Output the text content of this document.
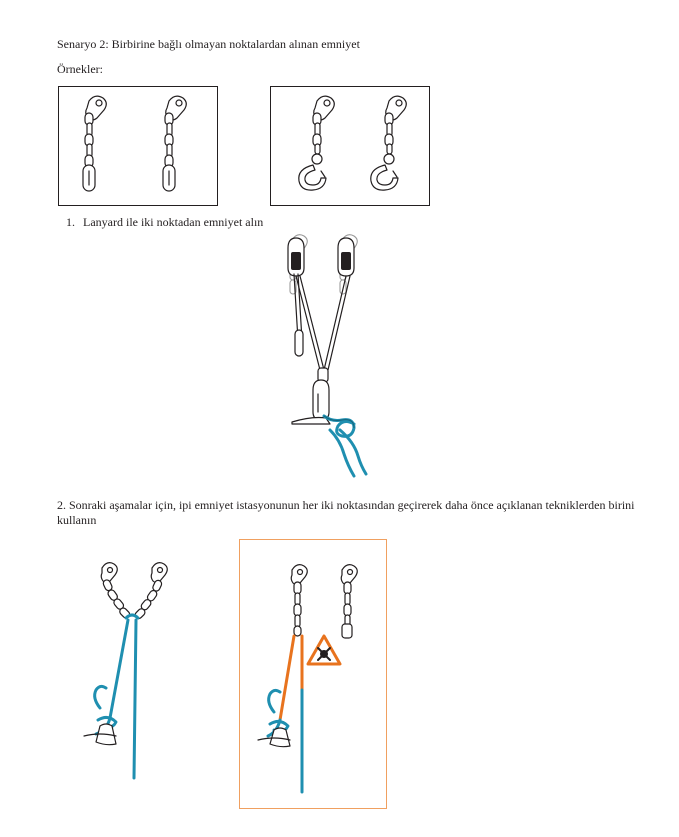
Senaryo 2: Birbirine bağlı olmayan noktalardan alınan emniyet
Örnekler:
1. Lanyard ile iki noktadan emniyet alın
2. Sonraki aşamalar için, ipi emniyet istasyonunun her iki noktasından geçirerek daha önce açıklanan tekniklerden birini kullanın
